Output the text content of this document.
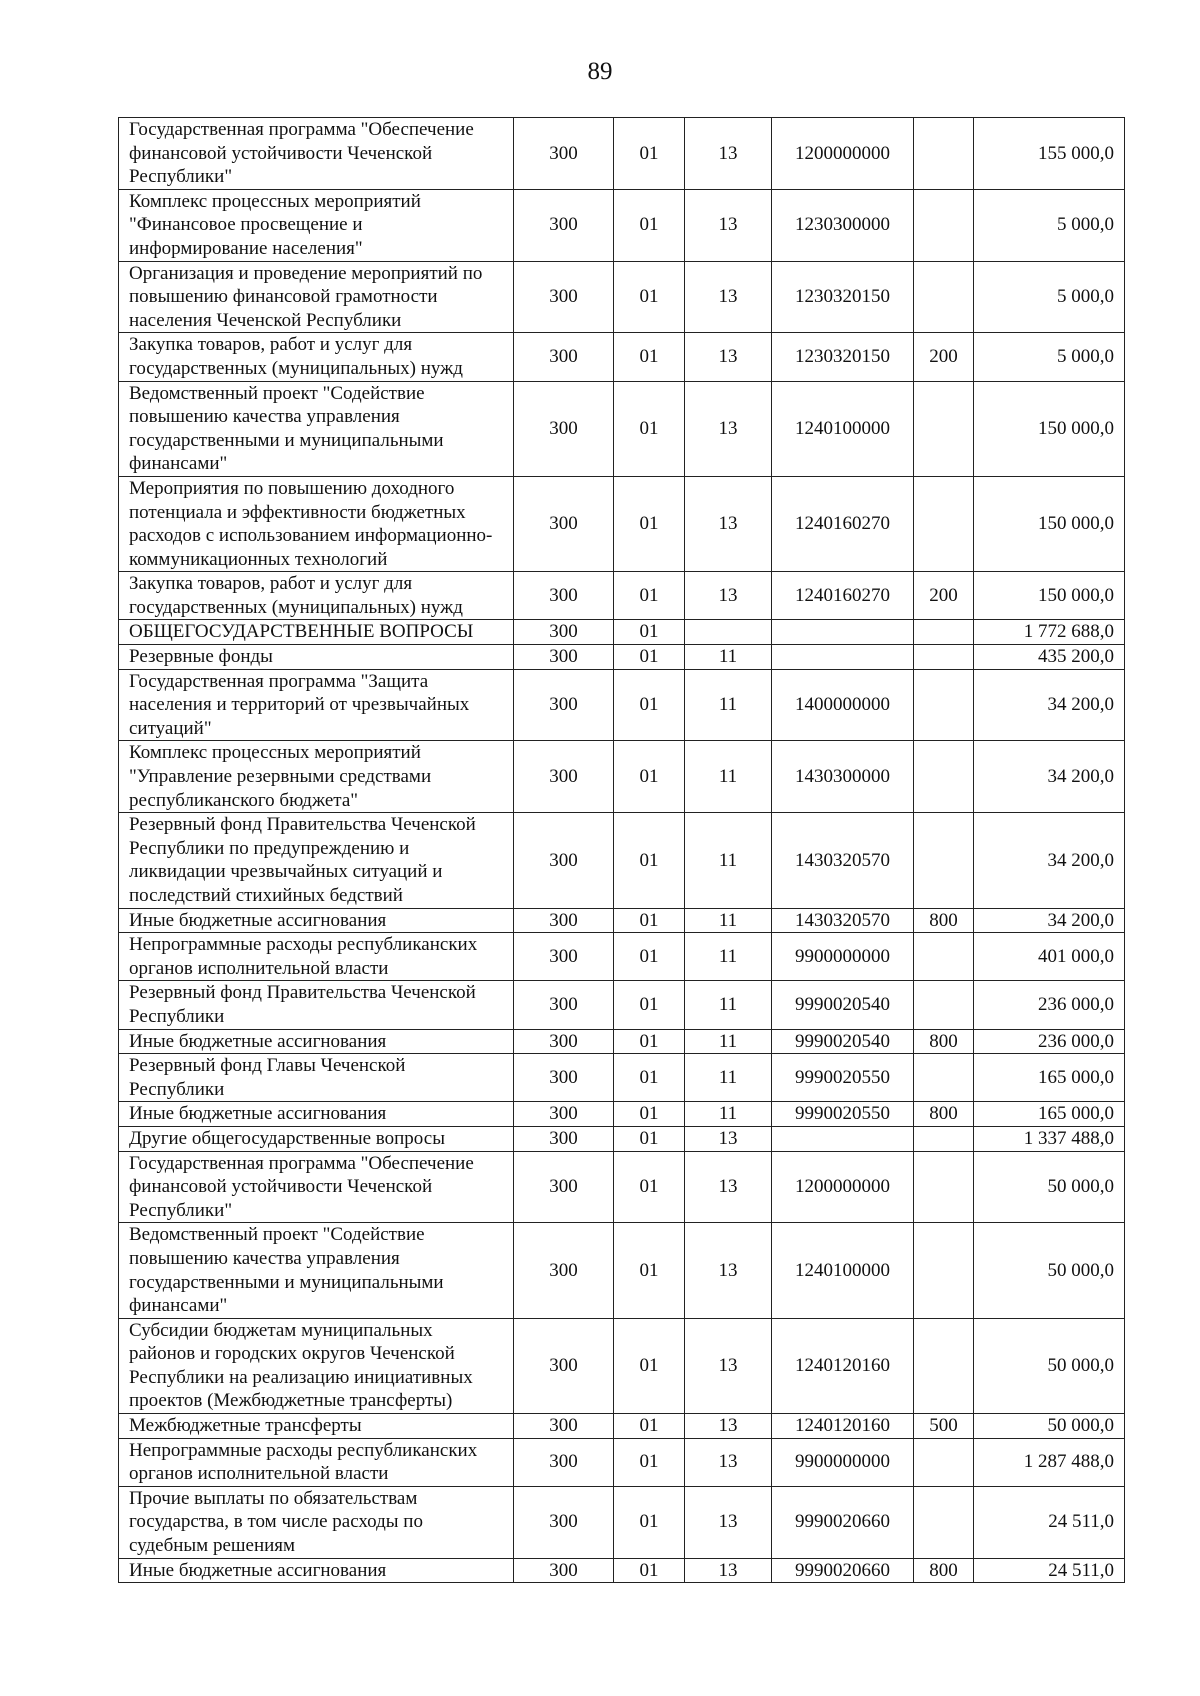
89
Государственная программа "Обеспечение финансовой устойчивости Чеченской Республики"	300	01	13	1200000000		155 000,0
Комплекс процессных мероприятий "Финансовое просвещение и информирование населения"	300	01	13	1230300000		5 000,0
Организация и проведение мероприятий по повышению финансовой грамотности населения Чеченской Республики	300	01	13	1230320150		5 000,0
Закупка товаров, работ и услуг для государственных (муниципальных) нужд	300	01	13	1230320150	200	5 000,0
Ведомственный проект "Содействие повышению качества управления государственными и муниципальными финансами"	300	01	13	1240100000		150 000,0
Мероприятия по повышению доходного потенциала и эффективности бюджетных расходов с использованием информационно-коммуникационных технологий	300	01	13	1240160270		150 000,0
Закупка товаров, работ и услуг для государственных (муниципальных) нужд	300	01	13	1240160270	200	150 000,0
ОБЩЕГОСУДАРСТВЕННЫЕ ВОПРОСЫ	300	01				1 772 688,0
Резервные фонды	300	01	11			435 200,0
Государственная программа "Защита населения и территорий от чрезвычайных ситуаций"	300	01	11	1400000000		34 200,0
Комплекс процессных мероприятий "Управление резервными средствами республиканского бюджета"	300	01	11	1430300000		34 200,0
Резервный фонд Правительства Чеченской Республики по предупреждению и ликвидации чрезвычайных ситуаций и последствий стихийных бедствий	300	01	11	1430320570		34 200,0
Иные бюджетные ассигнования	300	01	11	1430320570	800	34 200,0
Непрограммные расходы республиканских органов исполнительной власти	300	01	11	9900000000		401 000,0
Резервный фонд Правительства Чеченской Республики	300	01	11	9990020540		236 000,0
Иные бюджетные ассигнования	300	01	11	9990020540	800	236 000,0
Резервный фонд Главы Чеченской Республики	300	01	11	9990020550		165 000,0
Иные бюджетные ассигнования	300	01	11	9990020550	800	165 000,0
Другие общегосударственные вопросы	300	01	13			1 337 488,0
Государственная программа "Обеспечение финансовой устойчивости Чеченской Республики"	300	01	13	1200000000		50 000,0
Ведомственный проект "Содействие повышению качества управления государственными и муниципальными финансами"	300	01	13	1240100000		50 000,0
Субсидии бюджетам муниципальных районов и городских округов Чеченской Республики на реализацию инициативных проектов (Межбюджетные трансферты)	300	01	13	1240120160		50 000,0
Межбюджетные трансферты	300	01	13	1240120160	500	50 000,0
Непрограммные расходы республиканских органов исполнительной власти	300	01	13	9900000000		1 287 488,0
Прочие выплаты по обязательствам государства, в том числе расходы по судебным решениям	300	01	13	9990020660		24 511,0
Иные бюджетные ассигнования	300	01	13	9990020660	800	24 511,0
